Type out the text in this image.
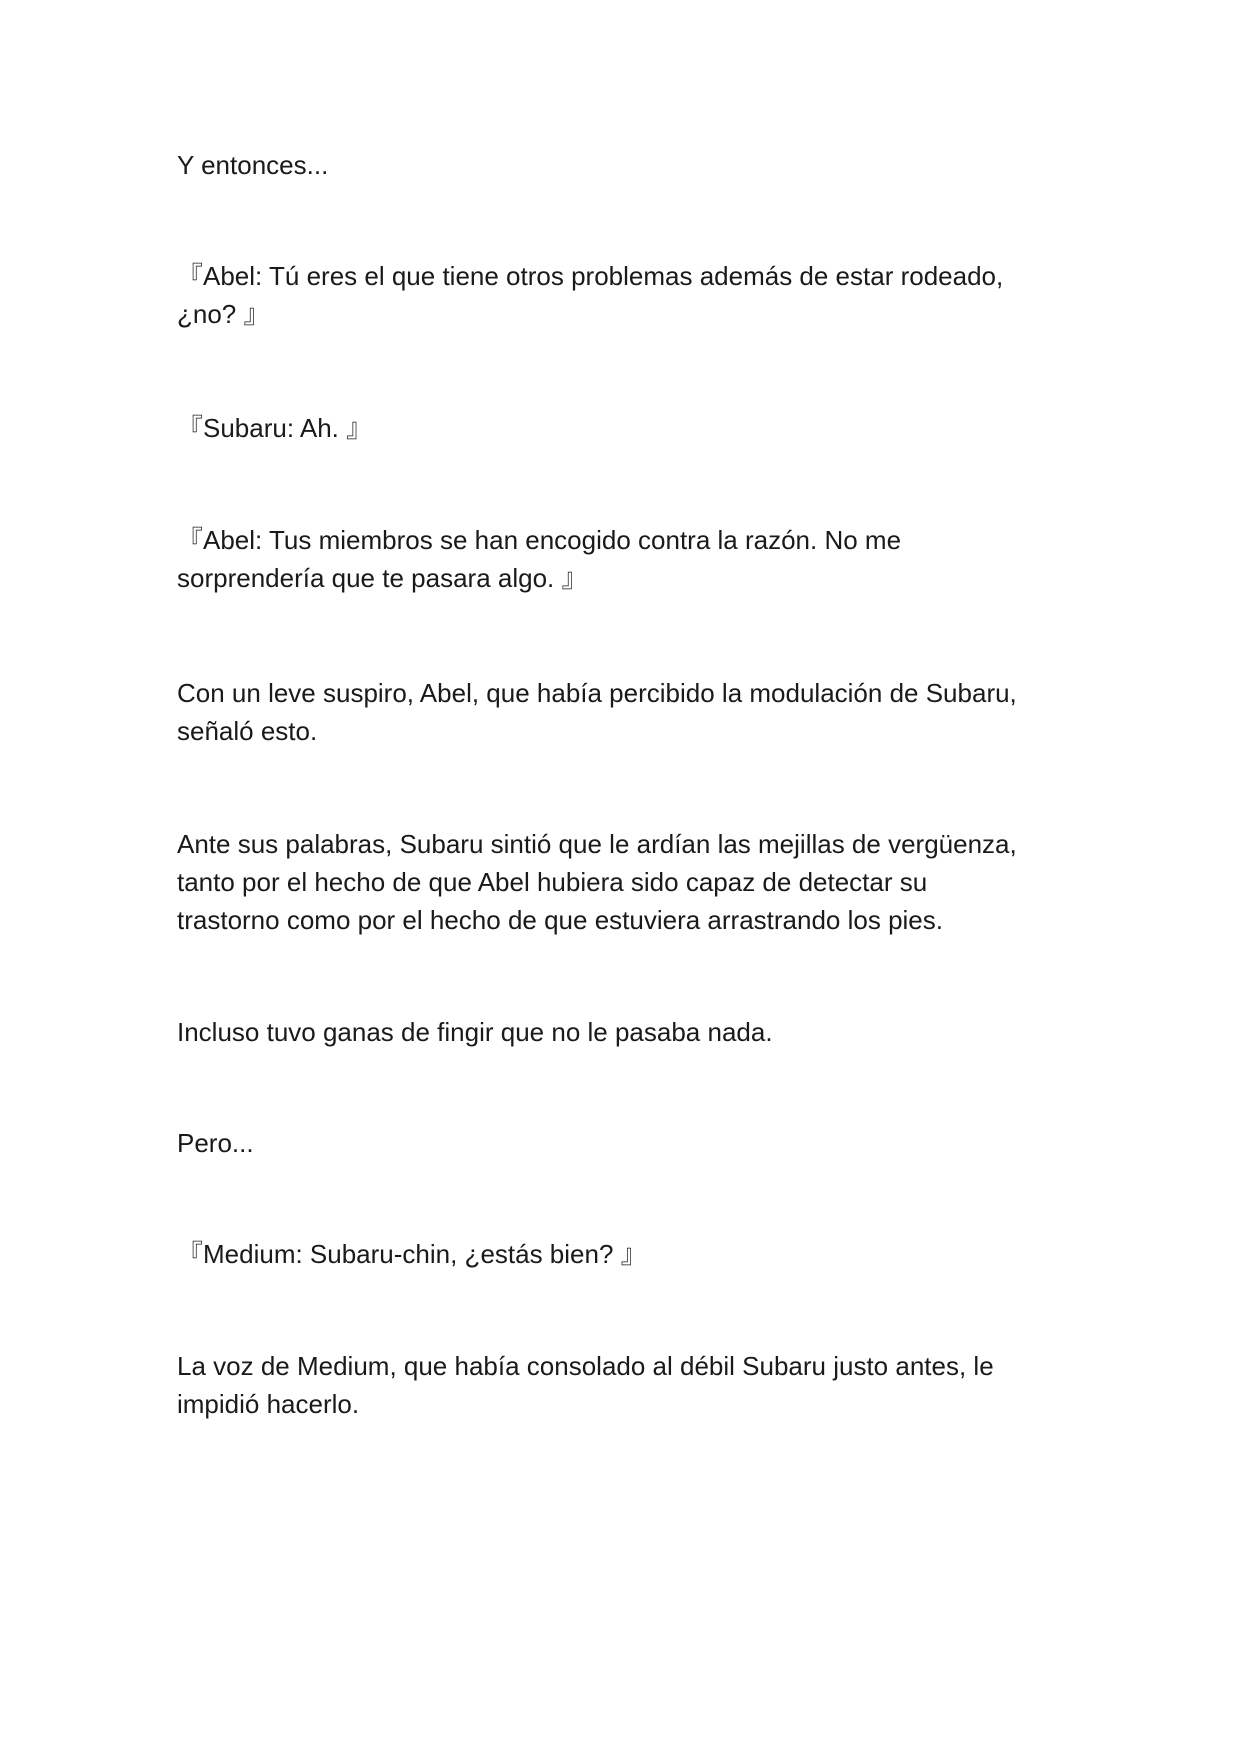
Y entonces...

『Abel: Tú eres el que tiene otros problemas además de estar rodeado,
¿no? 』

『Subaru: Ah. 』

『Abel: Tus miembros se han encogido contra la razón. No me
sorprendería que te pasara algo. 』

Con un leve suspiro, Abel, que había percibido la modulación de Subaru,
señaló esto.

Ante sus palabras, Subaru sintió que le ardían las mejillas de vergüenza,
tanto por el hecho de que Abel hubiera sido capaz de detectar su
trastorno como por el hecho de que estuviera arrastrando los pies.

Incluso tuvo ganas de fingir que no le pasaba nada.

Pero...

『Medium: Subaru-chin, ¿estás bien? 』

La voz de Medium, que había consolado al débil Subaru justo antes, le
impidió hacerlo.
